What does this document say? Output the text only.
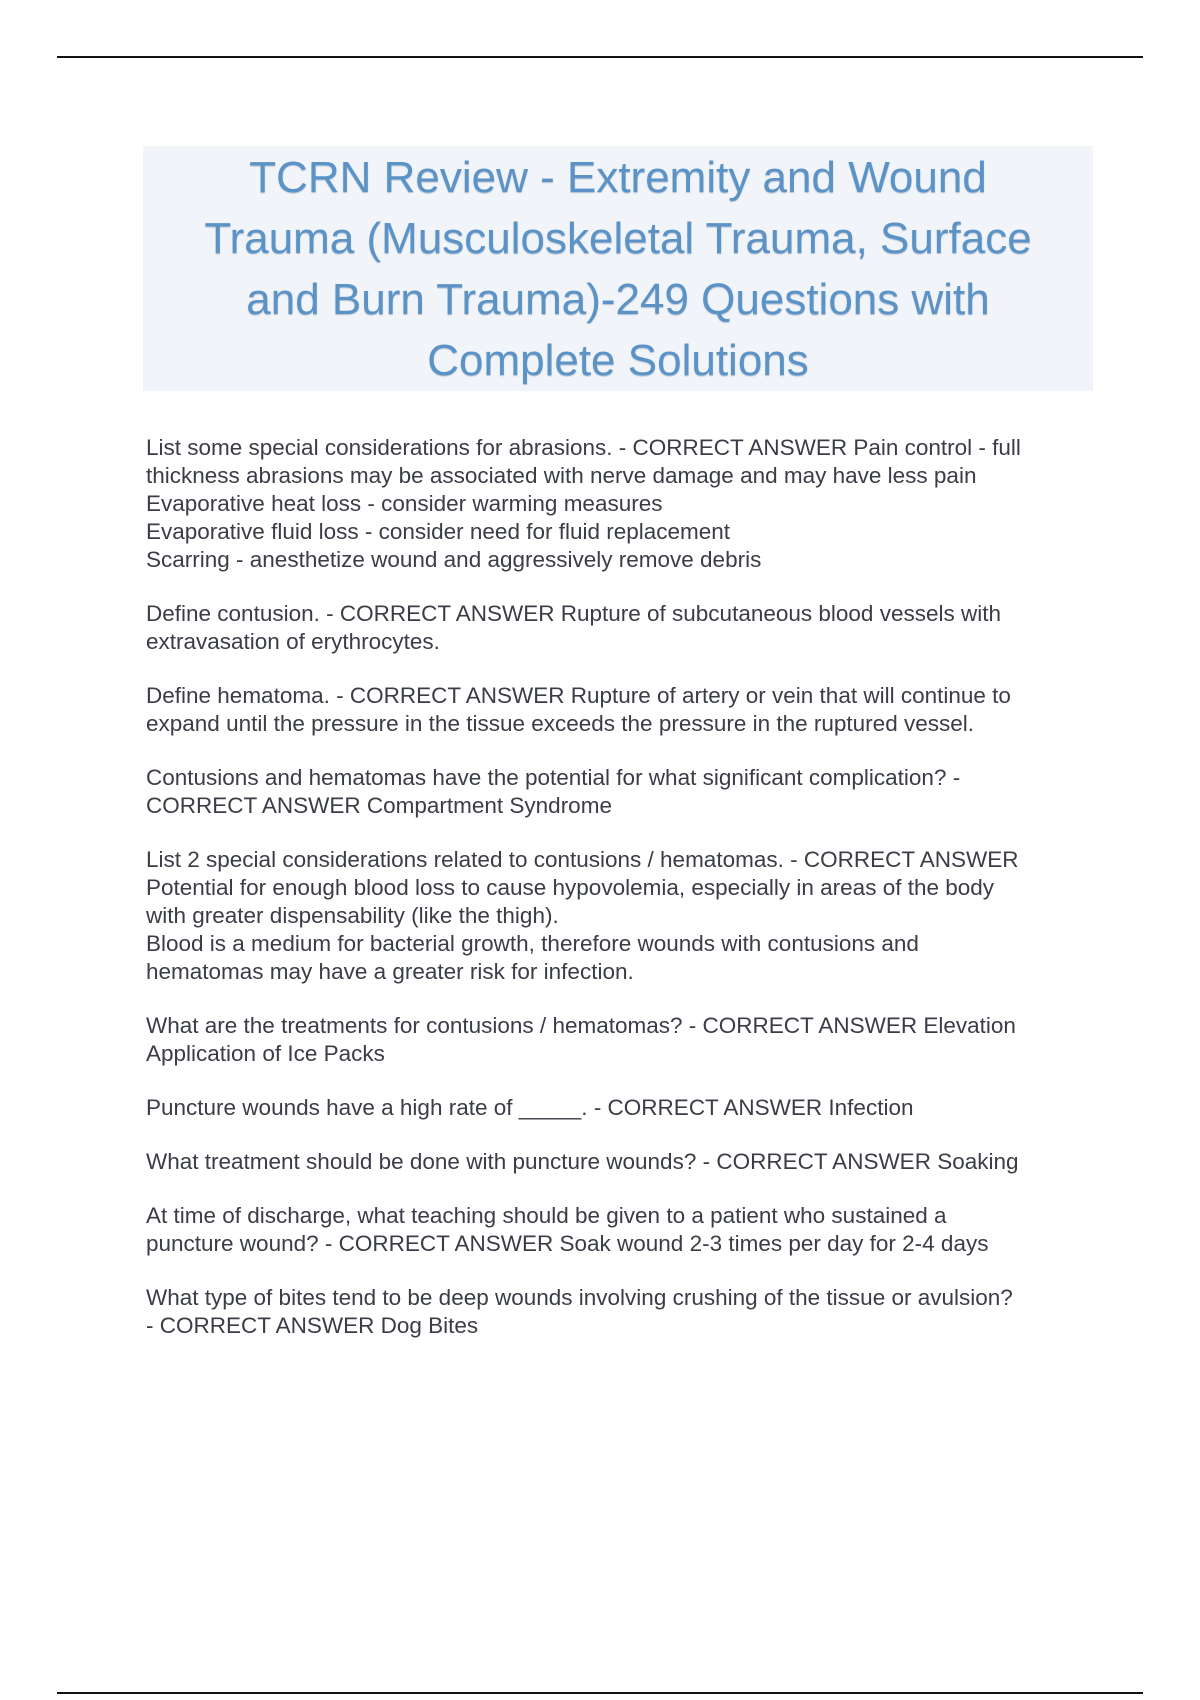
TCRN Review - Extremity and Wound
Trauma (Musculoskeletal Trauma, Surface
and Burn Trauma)-249 Questions with
Complete Solutions
List some special considerations for abrasions. - CORRECT ANSWER Pain control - full
thickness abrasions may be associated with nerve damage and may have less pain
Evaporative heat loss - consider warming measures
Evaporative fluid loss - consider need for fluid replacement
Scarring - anesthetize wound and aggressively remove debris
Define contusion. - CORRECT ANSWER Rupture of subcutaneous blood vessels with
extravasation of erythrocytes.
Define hematoma. - CORRECT ANSWER Rupture of artery or vein that will continue to
expand until the pressure in the tissue exceeds the pressure in the ruptured vessel.
Contusions and hematomas have the potential for what significant complication? -
CORRECT ANSWER Compartment Syndrome
List 2 special considerations related to contusions / hematomas. - CORRECT ANSWER
Potential for enough blood loss to cause hypovolemia, especially in areas of the body
with greater dispensability (like the thigh).
Blood is a medium for bacterial growth, therefore wounds with contusions and
hematomas may have a greater risk for infection.
What are the treatments for contusions / hematomas? - CORRECT ANSWER Elevation
Application of Ice Packs
Puncture wounds have a high rate of _____. - CORRECT ANSWER Infection
What treatment should be done with puncture wounds? - CORRECT ANSWER Soaking
At time of discharge, what teaching should be given to a patient who sustained a
puncture wound? - CORRECT ANSWER Soak wound 2-3 times per day for 2-4 days
What type of bites tend to be deep wounds involving crushing of the tissue or avulsion?
- CORRECT ANSWER Dog Bites
